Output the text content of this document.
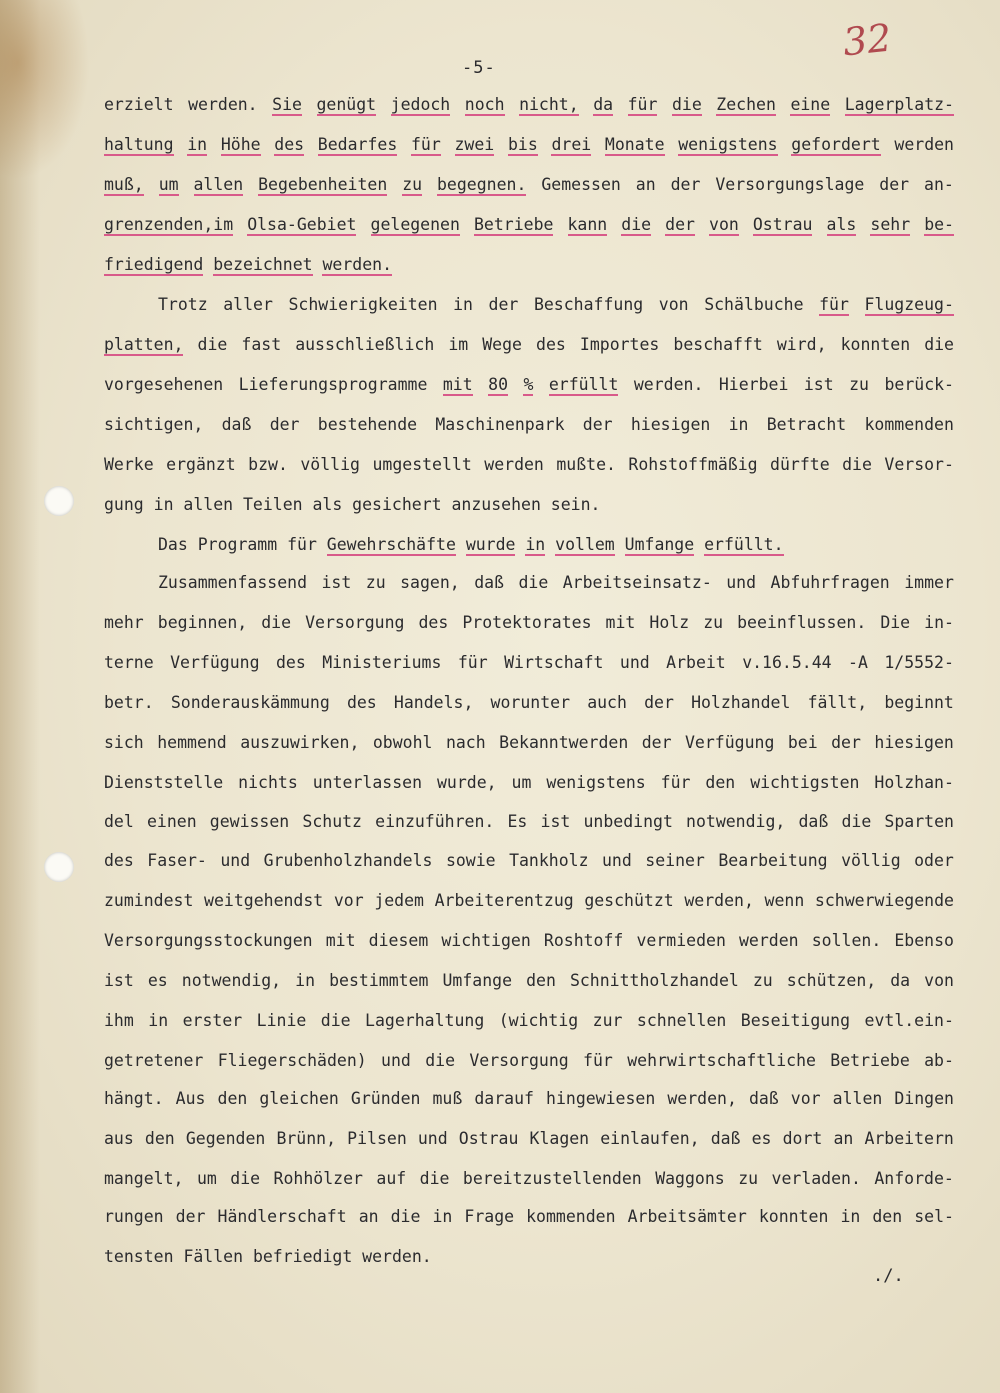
32
-5-
erzielt werden. Sie genügt jedoch noch nicht, da für die Zechen eine Lagerplatz-
haltung in Höhe des Bedarfes für zwei bis drei Monate wenigstens gefordert werden
muß, um allen Begebenheiten zu begegnen. Gemessen an der Versorgungslage der an-
grenzenden,im Olsa-Gebiet gelegenen Betriebe kann die der von Ostrau als sehr be-
friedigend bezeichnet werden.
Trotz aller Schwierigkeiten in der Beschaffung von Schälbuche für Flugzeug-
platten, die fast ausschließlich im Wege des Importes beschafft wird, konnten die
vorgesehenen Lieferungsprogramme mit 80 % erfüllt werden. Hierbei ist zu berück-
sichtigen, daß der bestehende Maschinenpark der hiesigen in Betracht kommenden
Werke ergänzt bzw. völlig umgestellt werden mußte. Rohstoffmäßig dürfte die Versor-
gung in allen Teilen als gesichert anzusehen sein.
Das Programm für Gewehrschäfte wurde in vollem Umfange erfüllt.
Zusammenfassend ist zu sagen, daß die Arbeitseinsatz- und Abfuhrfragen immer
mehr beginnen, die Versorgung des Protektorates mit Holz zu beeinflussen. Die in-
terne Verfügung des Ministeriums für Wirtschaft und Arbeit v.16.5.44 -A 1/5552-
betr. Sonderauskämmung des Handels, worunter auch der Holzhandel fällt, beginnt
sich hemmend auszuwirken, obwohl nach Bekanntwerden der Verfügung bei der hiesigen
Dienststelle nichts unterlassen wurde, um wenigstens für den wichtigsten Holzhan-
del einen gewissen Schutz einzuführen. Es ist unbedingt notwendig, daß die Sparten
des Faser- und Grubenholzhandels sowie Tankholz und seiner Bearbeitung völlig oder
zumindest weitgehendst vor jedem Arbeiterentzug geschützt werden, wenn schwerwiegende
Versorgungsstockungen mit diesem wichtigen Roshtoff vermieden werden sollen. Ebenso
ist es notwendig, in bestimmtem Umfange den Schnittholzhandel zu schützen, da von
ihm in erster Linie die Lagerhaltung (wichtig zur schnellen Beseitigung evtl.ein-
getretener Fliegerschäden) und die Versorgung für wehrwirtschaftliche Betriebe ab-
hängt. Aus den gleichen Gründen muß darauf hingewiesen werden, daß vor allen Dingen
aus den Gegenden Brünn, Pilsen und Ostrau Klagen einlaufen, daß es dort an Arbeitern
mangelt, um die Rohhölzer auf die bereitzustellenden Waggons zu verladen. Anforde-
rungen der Händlerschaft an die in Frage kommenden Arbeitsämter konnten in den sel-
tensten Fällen befriedigt werden.
./.
